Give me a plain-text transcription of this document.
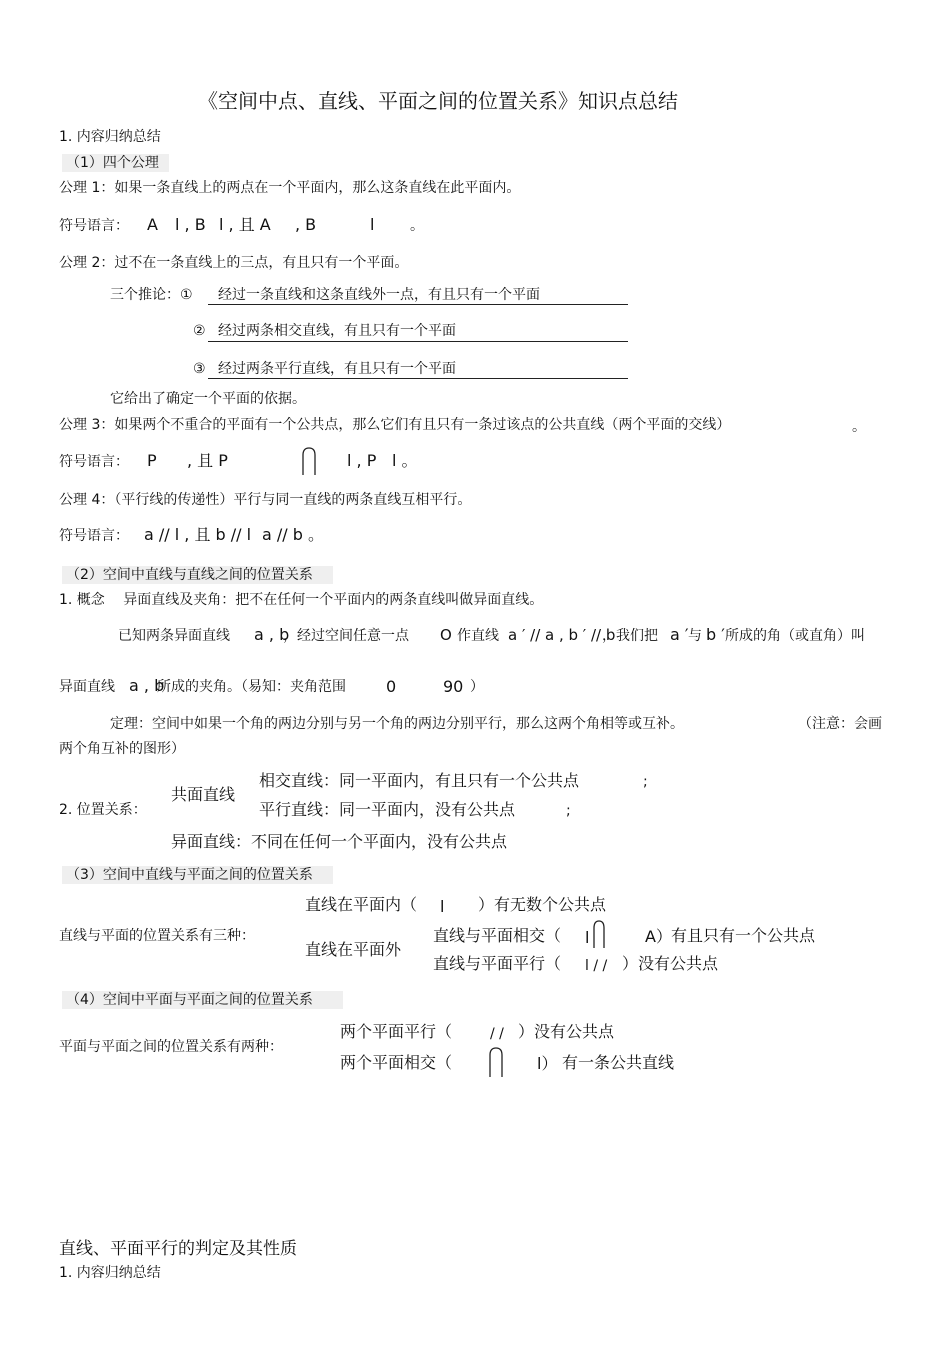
《空间中点、直线、平面之间的位置关系》知识点总结
1. 内容归纳总结
（1）四个公理
公理 1：如果一条直线上的两点在一个平面内，那么这条直线在此平面内。
符号语言： A l , B l , 且 A , B	l	。
公理 2：过不在一条直线上的三点，有且只有一个平面。
三个推论：① 经过一条直线和这条直线外一点，有且只有一个平面
② 经过两条相交直线，有且只有一个平面
③ 经过两条平行直线，有且只有一个平面
它给出了确定一个平面的依据。
公理 3：如果两个不重合的平面有一个公共点，那么它们有且只有一条过该点的公共直线（两个平面的交线）	。
符号语言： P , 且 P	l , P l 。
公理 4：（平行线的传递性）平行与同一直线的两条直线互相平行。
符号语言： a // l , 且 b // l a // b 。
（2）空间中直线与直线之间的位置关系
1. 概念　 异面直线及夹角：把不在任何一个平面内的两条直线叫做异面直线。
已知两条异面直线 a , b
，经过空间任意一点 O 作直线 a ′ // a , b ′ // b
，我们把 a ′ 与 b ′ 所成的角（或直角）叫
异面直线 a , b
所成的夹角。（易知：夹角范围	0	90 ）
定理：空间中如果一个角的两边分别与另一个角的两边分别平行，那么这两个角相等或互补。	（注意：会画
两个角互补的图形）
2. 位置关系：
共面直线
相交直线：同一平面内，有且只有一个公共点	;
平行直线：同一平面内，没有公共点	;
异面直线：不同在任何一个平面内，没有公共点
（3）空间中直线与平面之间的位置关系
直线与平面的位置关系有三种：
直线在平面内（ l ）有无数个公共点
直线在平面外
直线与平面相交（ l	A） 有且只有一个公共点
直线与平面平行（ l / / ）没有公共点
（4）空间中平面与平面之间的位置关系
平面与平面之间的位置关系有两种：
两个平面平行（	/ / ）没有公共点
两个平面相交（	l） 有一条公共直线
直线、平面平行的判定及其性质
1. 内容归纳总结
